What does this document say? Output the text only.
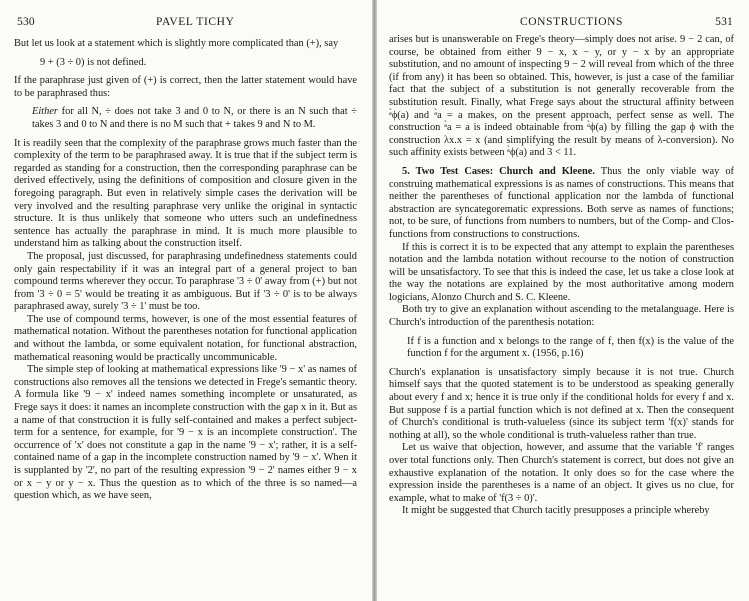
530	PAVEL TICHY

But let us look at a statement which is slightly more complicated than (+), say

9 + (3 ÷ 0) is not defined.

If the paraphrase just given of (+) is correct, then the latter statement would have to be paraphrased thus:

Either for all N, ÷ does not take 3 and 0 to N, or there is an N such that ÷ takes 3 and 0 to N and there is no M such that + takes 9 and N to M.

It is readily seen that the complexity of the paraphrase grows much faster than the complexity of the term to be paraphrased away. It is true that if the subject term is regarded as standing for a construction, then the corresponding paraphrase can be derived effectively, using the definitions of composition and closure given in the foregoing paragraph. But even in relatively simple cases the derivation will be very involved and the resulting paraphrase very unlike the original in syntactic structure. It is thus unlikely that someone who utters such an undefinedness sentence has actually the paraphrase in mind. It is much more plausible to understand him as talking about the construction itself.

The proposal, just discussed, for paraphrasing undefinedness statements could only gain respectability if it was an integral part of a general project to ban compound terms wherever they occur. To paraphrase '3 ÷ 0' away from (+) but not from '3 ÷ 0 = 5' would be treating it as ambiguous. But if '3 ÷ 0' is to be always paraphrased away, surely '3 ÷ 1' must be too.

The use of compound terms, however, is one of the most essential features of mathematical notation. Without the parentheses notation for functional application and without the lambda, or some equivalent notation, for functional abstraction, mathematical reasoning would be practically uncommunicable.

The simple step of looking at mathematical expressions like '9 − x' as names of constructions also removes all the tensions we detected in Frege's semantic theory. A formula like '9 − x' indeed names something incomplete or unsaturated, as Frege says it does: it names an incomplete construction with the gap x in it. But as a name of that construction it is fully self-contained and makes a perfect subject-term for a sentence, for example, for '9 − x is an incomplete construction'. The occurrence of 'x' does not constitute a gap in the name '9 − x'; rather, it is a self-contained name of a gap in the incomplete construction named by '9 − x'. When it is supplanted by '2', no part of the resulting expression '9 − 2' names either 9 − x or x − y or y − x. Thus the question as to which of the three is so named—a question which, as we have seen,

CONSTRUCTIONS	531

arises but is unanswerable on Frege's theory—simply does not arise. 9 − 2 can, of course, be obtained from either 9 − x, x − y, or y − x by an appropriate substitution, and no amount of inspecting 9 − 2 will reveal from which of the three (if from any) it has been so obtained. This, however, is just a case of the familiar fact that the subject of a substitution is not generally recoverable from the substitution result. Finally, what Frege says about the structural affinity between ᵃ̀ϕ(a) and ᵃ̀a = a makes, on the present approach, perfect sense as well. The construction ᵃ̀a = a is indeed obtainable from ᵃ̀ϕ(a) by filling the gap ϕ with the construction λx.x = x (and simplifying the result by means of λ-conversion). No such affinity exists between ᵃ̀ϕ(a) and 3 < 11.

5. Two Test Cases: Church and Kleene. Thus the only viable way of construing mathematical expressions is as names of constructions. This means that neither the parentheses of functional application nor the lambda of functional abstraction are syncategorematic expressions. Both serve as names of functions; not, to be sure, of functions from numbers to numbers, but of the Comp- and Clos-functions from constructions to constructions.

If this is correct it is to be expected that any attempt to explain the parentheses notation and the lambda notation without recourse to the notion of construction will be unsatisfactory. To see that this is indeed the case, let us take a close look at the way the notations are explained by the most authoritative among modern logicians, Alonzo Church and S. C. Kleene.

Both try to give an explanation without ascending to the metalanguage. Here is Church's introduction of the parenthesis notation:

If f is a function and x belongs to the range of f, then f(x) is the value of the function f for the argument x. (1956, p.16)

Church's explanation is unsatisfactory simply because it is not true. Church himself says that the quoted statement is to be understood as speaking generally about every f and x; hence it is true only if the conditional holds for every f and x. But suppose f is a partial function which is not defined at x. Then the consequent of Church's conditional is truth-valueless (since its subject term 'f(x)' stands for nothing at all), so the whole conditional is truth-valueless rather than true.

Let us waive that objection, however, and assume that the variable 'f' ranges over total functions only. Then Church's statement is correct, but does not give an exhaustive explanation of the notation. It only does so for the case where the expression inside the parentheses is a name of an object. It gives us no clue, for example, what to make of 'f(3 ÷ 0)'.

It might be suggested that Church tacitly presupposes a principle whereby
